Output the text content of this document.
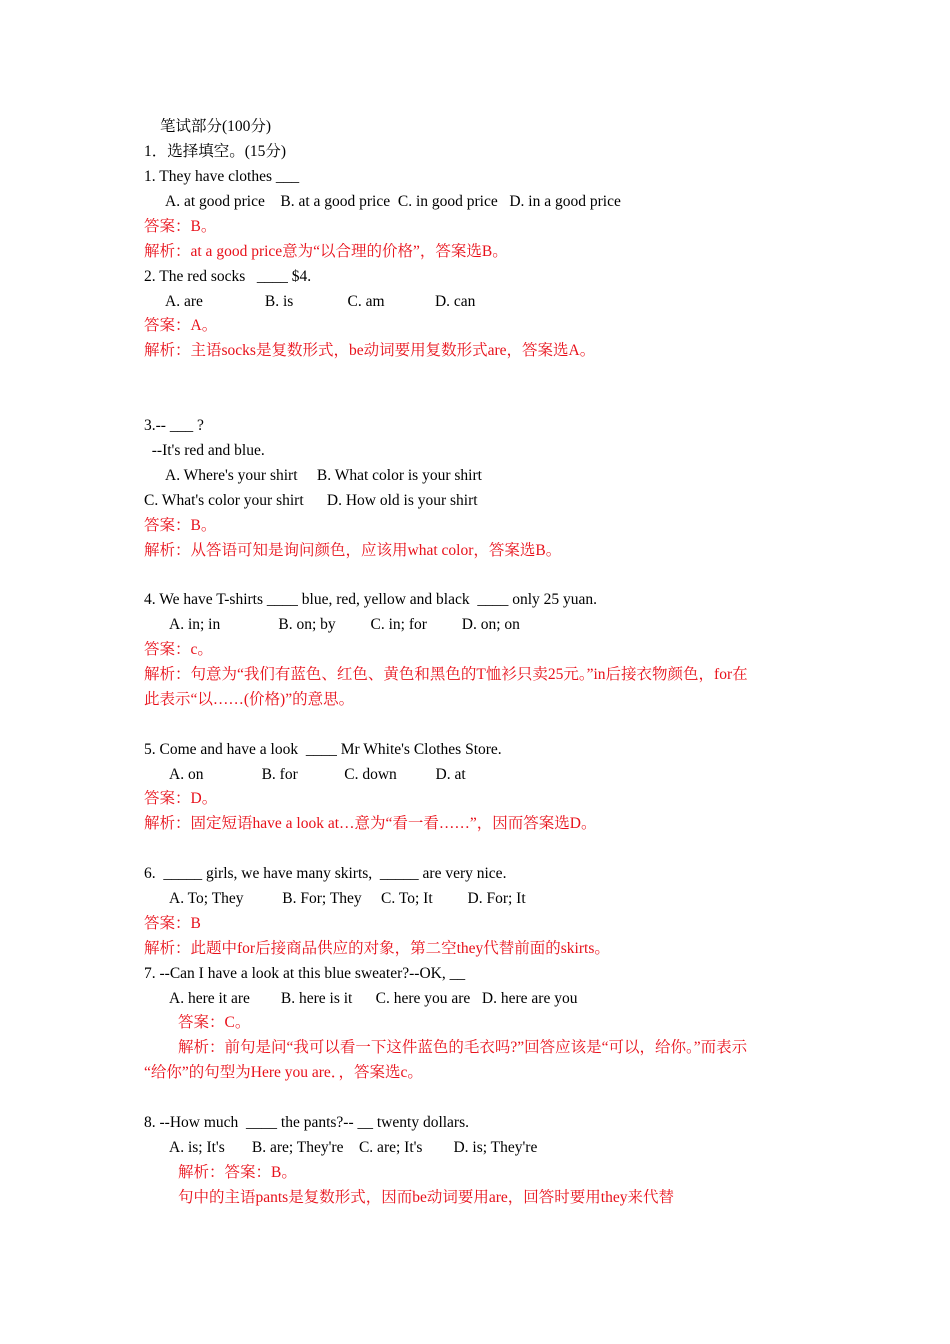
笔试部分(100分)
1．选择填空。(15分)
1. They have clothes ___
A. at good price    B. at a good price  C. in good price   D. in a good price
答案：B。
解析：at a good price意为“以合理的价格”，答案选B。
2. The red socks   ____ $4.
A. are                B. is              C. am             D. can
答案：A。
解析：主语socks是复数形式，be动词要用复数形式are，答案选A。
3.-- ___ ?
--It's red and blue.
A. Where's your shirt     B. What color is your shirt
C. What's color your shirt      D. How old is your shirt
答案：B。
解析：从答语可知是询问颜色，应该用what color，答案选B。
4. We have T-shirts ____ blue, red, yellow and black  ____ only 25 yuan.
A. in; in               B. on; by         C. in; for         D. on; on
答案：c。
解析：句意为“我们有蓝色、红色、黄色和黑色的T恤衫只卖25元。”in后接衣物颜色，for在
此表示“以……(价格)”的意思。
5. Come and have a look  ____ Mr White's Clothes Store.
A. on               B. for            C. down          D. at
答案：D。
解析：固定短语have a look at…意为“看一看……”，因而答案选D。
6.  _____ girls, we have many skirts,  _____ are very nice.
A. To; They          B. For; They     C. To; It         D. For; It
答案：B
解析：此题中for后接商品供应的对象，第二空they代替前面的skirts。
7. --Can I have a look at this blue sweater?--OK, __
A. here it are        B. here is it      C. here you are   D. here are you
答案：C。
解析：前句是问“我可以看一下这件蓝色的毛衣吗?”回答应该是“可以，给你。”而表示
“给你”的句型为Here you are．，答案选c。
8. --How much  ____ the pants?-- __ twenty dollars.
A. is; It's       B. are; They're    C. are; It's        D. is; They're
解析：答案：B。
句中的主语pants是复数形式，因而be动词要用are，回答时要用they来代替
